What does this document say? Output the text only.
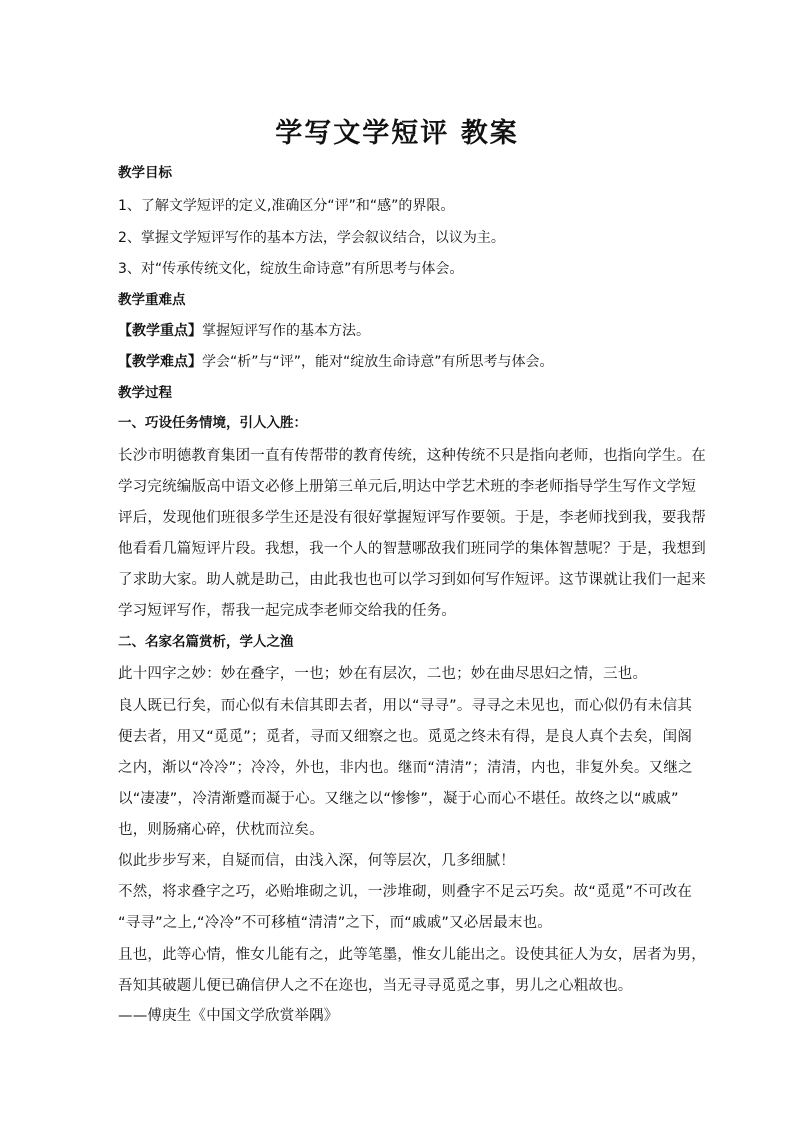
学写文学短评 教案

教学目标

1、了解文学短评的定义,准确区分“评”和“感”的界限。

2、掌握文学短评写作的基本方法，学会叙议结合，以议为主。

3、对“传承传统文化，绽放生命诗意”有所思考与体会。

教学重难点

【教学重点】掌握短评写作的基本方法。

【教学难点】学会“析”与“评”，能对“绽放生命诗意”有所思考与体会。

教学过程

一、巧设任务情境，引人入胜：

长沙市明德教育集团一直有传帮带的教育传统，这种传统不只是指向老师，也指向学生。在

学习完统编版高中语文必修上册第三单元后,明达中学艺术班的李老师指导学生写作文学短

评后，发现他们班很多学生还是没有很好掌握短评写作要领。于是，李老师找到我，要我帮

他看看几篇短评片段。我想，我一个人的智慧哪敌我们班同学的集体智慧呢？于是，我想到

了求助大家。助人就是助己，由此我也也可以学习到如何写作短评。这节课就让我们一起来

学习短评写作，帮我一起完成李老师交给我的任务。

二、名家名篇赏析，学人之渔

此十四字之妙：妙在叠字，一也；妙在有层次，二也；妙在曲尽思妇之情，三也。

良人既已行矣，而心似有未信其即去者，用以“寻寻”。寻寻之未见也，而心似仍有未信其

便去者，用又“觅觅”；觅者，寻而又细察之也。觅觅之终未有得，是良人真个去矣，闺阁

之内，渐以“冷冷”；冷冷，外也，非内也。继而“清清”；清清，内也，非复外矣。又继之

以“凄凄”，冷清渐蹙而凝于心。又继之以“惨惨”，凝于心而心不堪任。故终之以“戚戚”

也，则肠痛心碎，伏枕而泣矣。

似此步步写来，自疑而信，由浅入深，何等层次，几多细腻！

不然，将求叠字之巧，必贻堆砌之讥，一涉堆砌，则叠字不足云巧矣。故“觅觅”不可改在

“寻寻”之上,“冷冷”不可移植“清清”之下，而“戚戚”又必居最末也。

且也，此等心情，惟女儿能有之，此等笔墨，惟女儿能出之。设使其征人为女，居者为男，

吾知其破题儿便已确信伊人之不在迩也，当无寻寻觅觅之事，男儿之心粗故也。

——傅庚生《中国文学欣赏举隅》
